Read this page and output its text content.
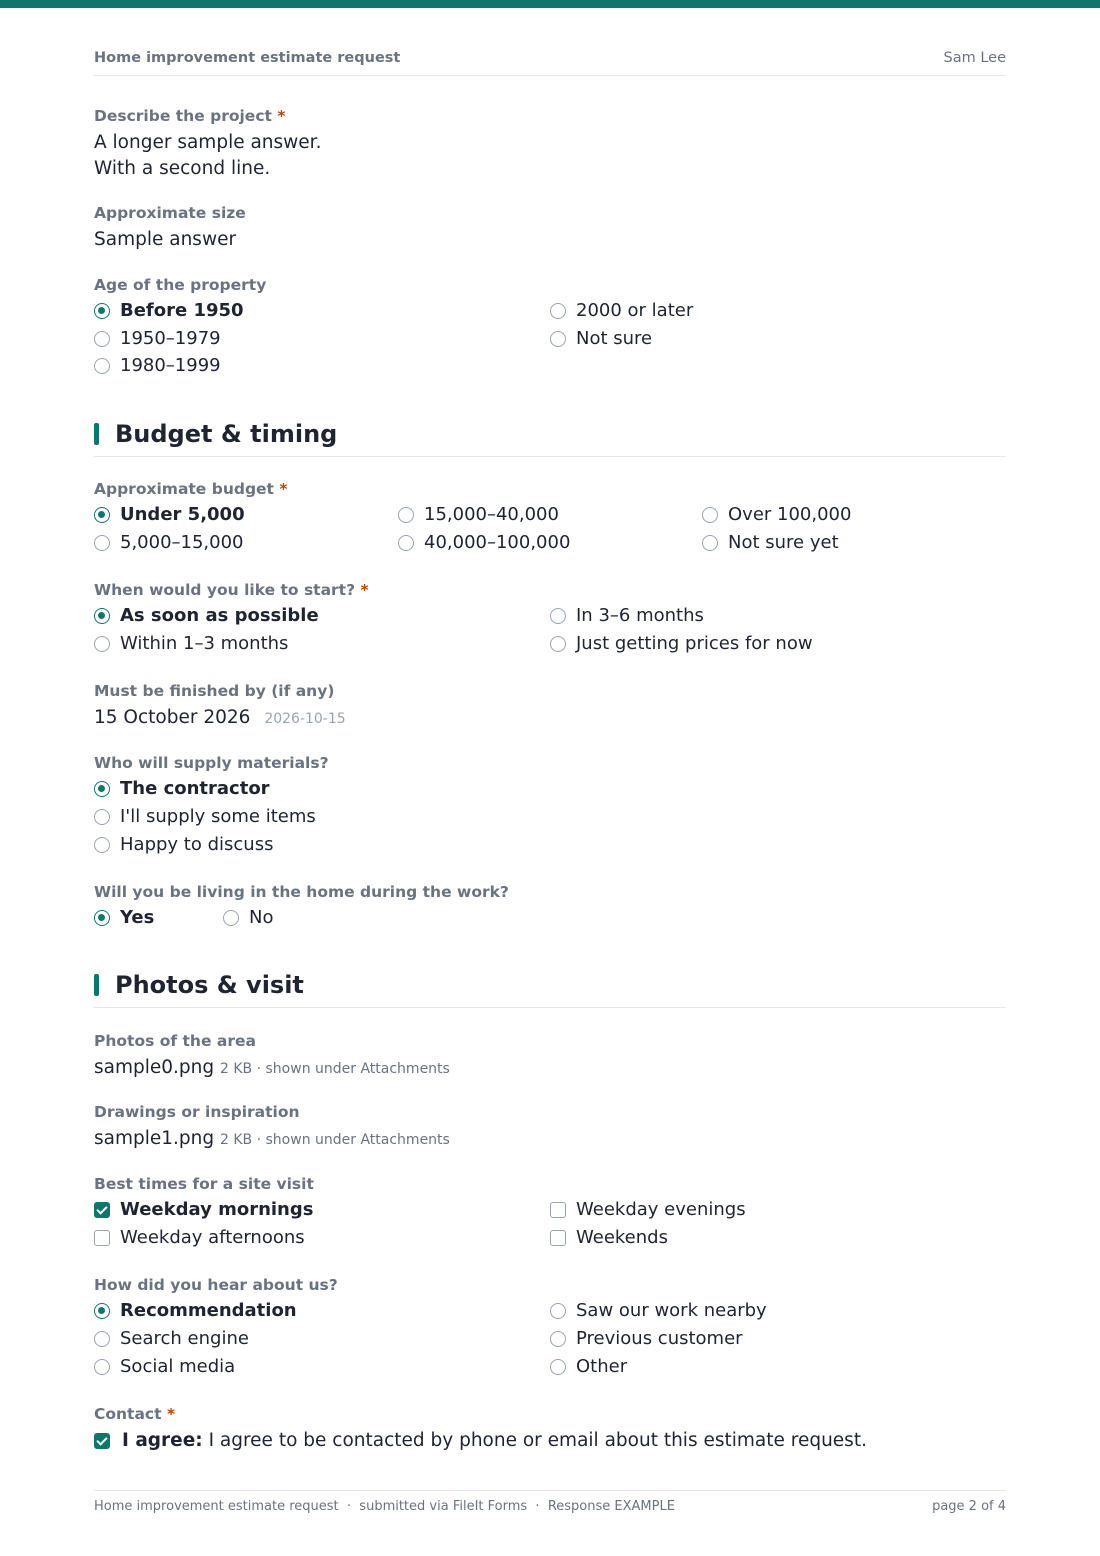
Home improvement estimate request	Sam Lee
Describe the project *
A longer sample answer.
With a second line.
Approximate size
Sample answer
Age of the property
Before 1950
1950–1979
1980–1999
2000 or later
Not sure
Budget & timing
Approximate budget *
Under 5,000
5,000–15,000
15,000–40,000
40,000–100,000
Over 100,000
Not sure yet
When would you like to start? *
As soon as possible
Within 1–3 months
In 3–6 months
Just getting prices for now
Must be finished by (if any)
15 October 2026 2026-10-15
Who will supply materials?
The contractor
I'll supply some items
Happy to discuss
Will you be living in the home during the work?
Yes	No
Photos & visit
Photos of the area
sample0.png 2 KB · shown under Attachments
Drawings or inspiration
sample1.png 2 KB · shown under Attachments
Best times for a site visit
Weekday mornings
Weekday afternoons
Weekday evenings
Weekends
How did you hear about us?
Recommendation
Search engine
Social media
Saw our work nearby
Previous customer
Other
Contact *
I agree: I agree to be contacted by phone or email about this estimate request.
Home improvement estimate request  ·  submitted via FileIt Forms  ·  Response EXAMPLE	page 2 of 4
